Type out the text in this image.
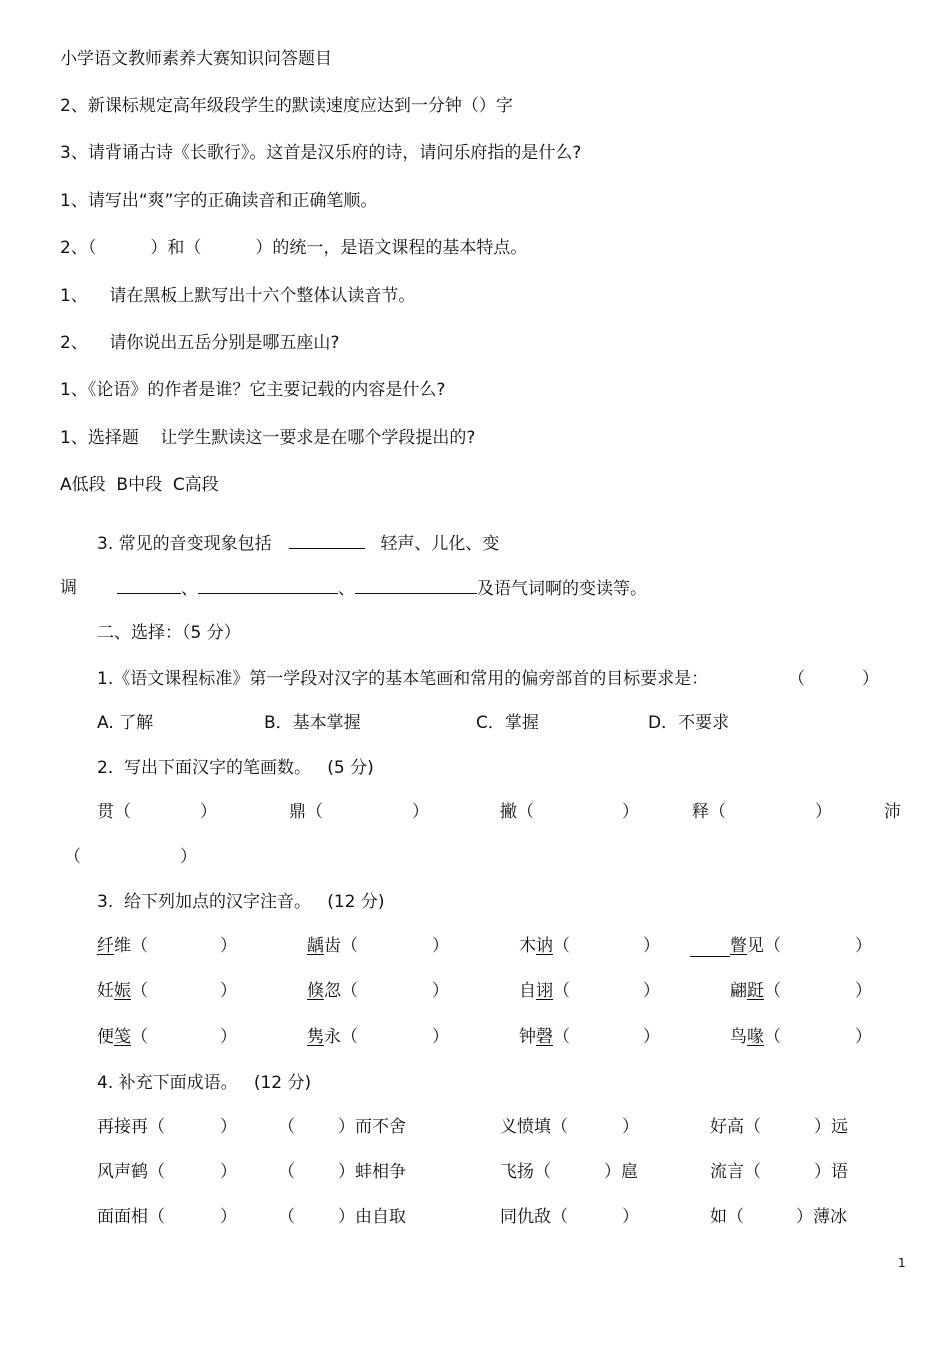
小学语文教师素养大赛知识问答题目
2、新课标规定高年级段学生的默读速度应达到一分钟（）字
3、请背诵古诗《长歌行》。这首是汉乐府的诗，请问乐府指的是什么?
1、请写出“爽”字的正确读音和正确笔顺。
2、（          ）和（          ）的统一，是语文课程的基本特点。
1、    请在黑板上默写出十六个整体认读音节。
2、    请你说出五岳分别是哪五座山?
1、《论语》的作者是谁？它主要记载的内容是什么?
1、选择题    让学生默读这一要求是在哪个学段提出的?
A低段  B中段  C高段
3. 常见的音变现象包括	轻声、儿化、变
调	、	、	及语气词啊的变读等。
二、选择：（5 分）
1.《语文课程标准》第一学段对汉字的基本笔画和常用的偏旁部首的目标要求是：	（	）
A. 了解	B．基本掌握	C．掌握	D．不要求
2.  写出下面汉字的笔画数。   (5 分)
贯（	）	鼎（	）	撇（	）	释（	）	沛
（	）
3.  给下列加点的汉字注音。   (12 分)
纤维（	）	龋齿（	）	木讷（	）	瞥见（	）
妊娠（	）	倏忽（	）	自诩（	）	翩跹（	）
便笺（	）	隽永（	）	钟磬（	）	鸟喙（	）
4. 补充下面成语。   (12 分)
再接再（	） （	）而不舍	义愤填（	）	好高（	）远
风声鹤（	） （	）蚌相争	飞扬（	）扈	流言（	）语
面面相（	） （	）由自取	同仇敌（	）	如（	）薄冰
1
